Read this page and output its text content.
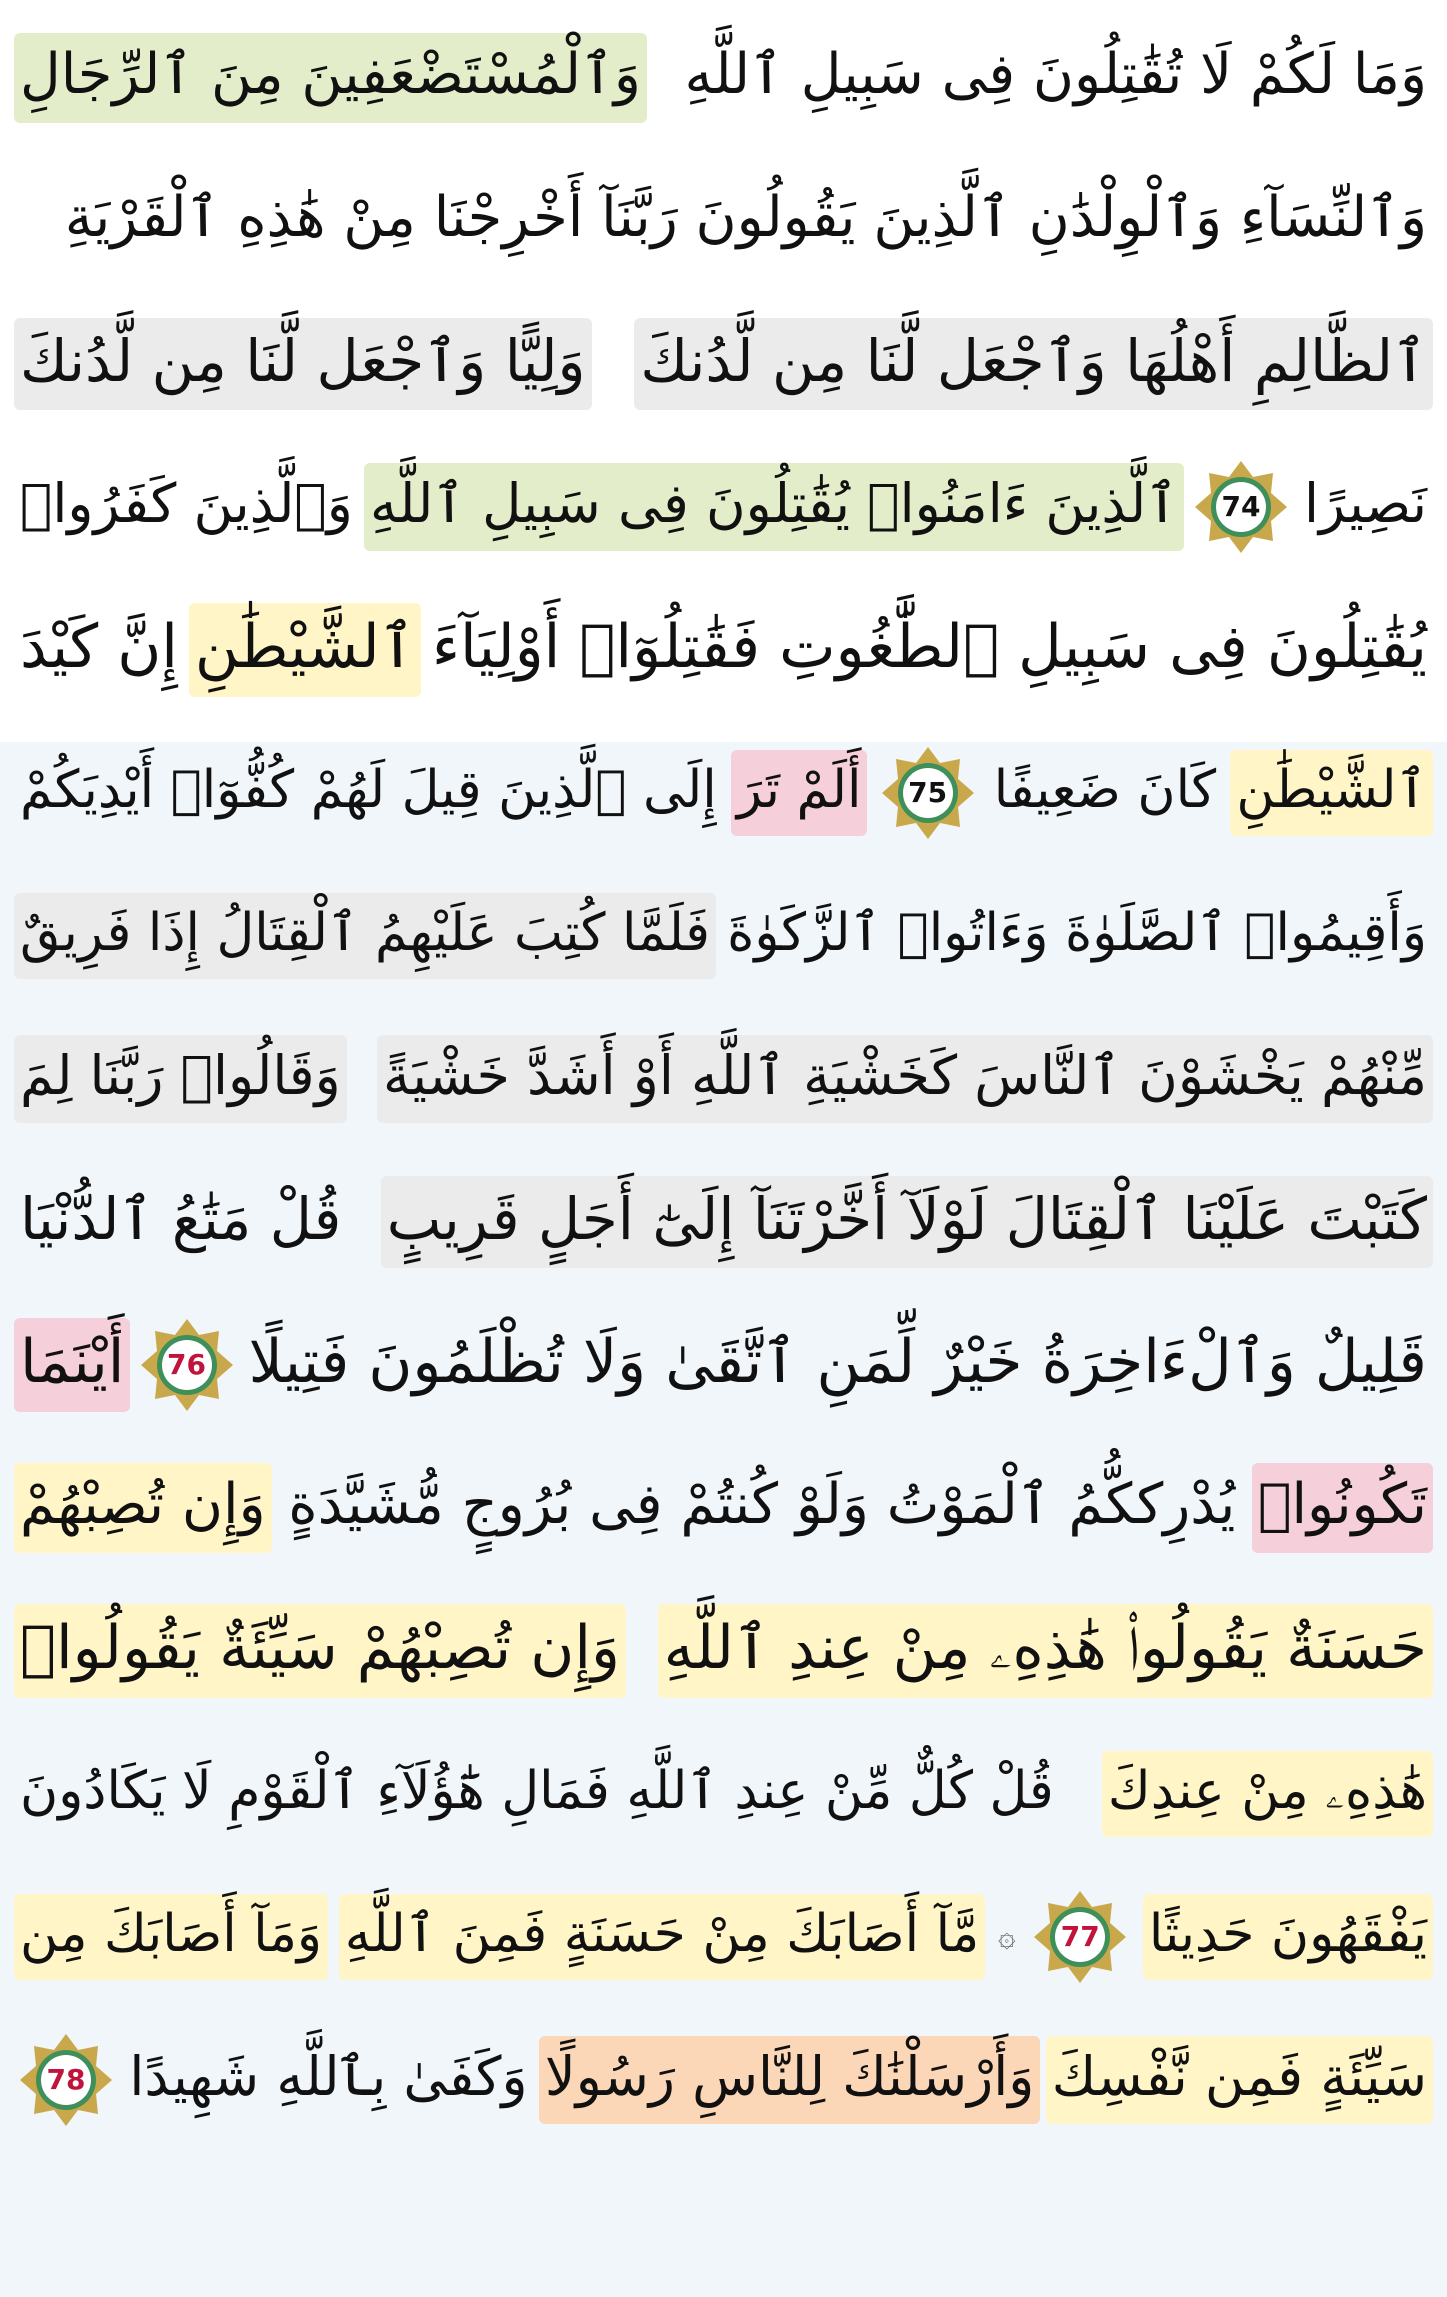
وَمَا لَكُمْ لَا تُقَٰتِلُونَ فِى سَبِيلِ ٱللَّهِ
وَٱلْمُسْتَضْعَفِينَ مِنَ ٱلرِّجَالِ
وَٱلنِّسَآءِ وَٱلْوِلْدَٰنِ ٱلَّذِينَ يَقُولُونَ رَبَّنَآ أَخْرِجْنَا مِنْ هَٰذِهِ ٱلْقَرْيَةِ
ٱلظَّالِمِ أَهْلُهَا وَٱجْعَل لَّنَا مِن لَّدُنكَ
وَلِيًّا وَٱجْعَل لَّنَا مِن لَّدُنكَ
نَصِيرًا
74
ٱلَّذِينَ ءَامَنُوا۟ يُقَٰتِلُونَ فِى سَبِيلِ ٱللَّهِ
وَٱلَّذِينَ كَفَرُوا۟
يُقَٰتِلُونَ فِى سَبِيلِ ٱلطَّٰغُوتِ فَقَٰتِلُوٓا۟ أَوْلِيَآءَ
ٱلشَّيْطَٰنِ
إِنَّ كَيْدَ
ٱلشَّيْطَٰنِ
كَانَ ضَعِيفًا
75
أَلَمْ تَرَ
إِلَى ٱلَّذِينَ قِيلَ لَهُمْ كُفُّوٓا۟ أَيْدِيَكُمْ
وَأَقِيمُوا۟ ٱلصَّلَوٰةَ وَءَاتُوا۟ ٱلزَّكَوٰةَ
فَلَمَّا كُتِبَ عَلَيْهِمُ ٱلْقِتَالُ إِذَا فَرِيقٌ
مِّنْهُمْ يَخْشَوْنَ ٱلنَّاسَ كَخَشْيَةِ ٱللَّهِ أَوْ أَشَدَّ خَشْيَةً
وَقَالُوا۟ رَبَّنَا لِمَ
كَتَبْتَ عَلَيْنَا ٱلْقِتَالَ لَوْلَآ أَخَّرْتَنَآ إِلَىٰٓ أَجَلٍ قَرِيبٍ
قُلْ مَتَٰعُ ٱلدُّنْيَا
قَلِيلٌ وَٱلْءَاخِرَةُ خَيْرٌ لِّمَنِ ٱتَّقَىٰ وَلَا تُظْلَمُونَ فَتِيلًا
76
أَيْنَمَا
تَكُونُوا۟
يُدْرِككُّمُ ٱلْمَوْتُ وَلَوْ كُنتُمْ فِى بُرُوجٍ مُّشَيَّدَةٍ
وَإِن تُصِبْهُمْ
حَسَنَةٌ يَقُولُوا۟ هَٰذِهِۦ مِنْ عِندِ ٱللَّهِ
وَإِن تُصِبْهُمْ سَيِّئَةٌ يَقُولُوا۟
هَٰذِهِۦ مِنْ عِندِكَ
قُلْ كُلٌّ مِّنْ عِندِ ٱللَّهِ فَمَالِ هَٰٓؤُلَآءِ ٱلْقَوْمِ لَا يَكَادُونَ
يَفْقَهُونَ حَدِيثًا
77
۞
مَّآ أَصَابَكَ مِنْ حَسَنَةٍ فَمِنَ ٱللَّهِ
وَمَآ أَصَابَكَ مِن
سَيِّئَةٍ فَمِن نَّفْسِكَ
وَأَرْسَلْنَٰكَ لِلنَّاسِ رَسُولًا
وَكَفَىٰ بِٱللَّهِ شَهِيدًا
78
